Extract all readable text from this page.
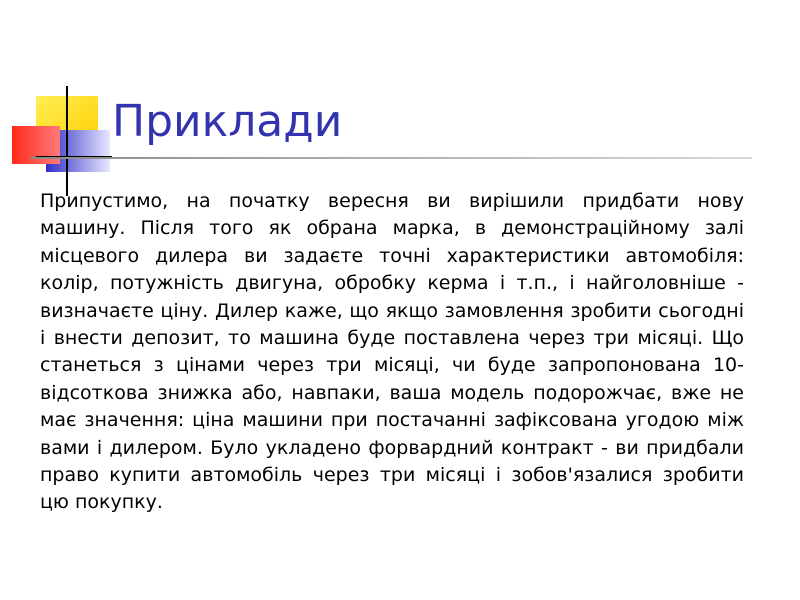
Приклади

Припустимо, на початку вересня ви вирішили придбати нову машину. Після того як обрана марка, в демонстраційному залі місцевого дилера ви задаєте точні характеристики автомобіля: колір, потужність двигуна, обробку керма і т.п., і найголовніше - визначаєте ціну. Дилер каже, що якщо замовлення зробити сьогодні і внести депозит, то машина буде поставлена через три місяці. Що станеться з цінами через три місяці, чи буде запропонована 10-відсоткова знижка або, навпаки, ваша модель подорожчає, вже не має значення: ціна машини при постачанні зафіксована угодою між вами і дилером. Було укладено форвардний контракт - ви придбали право купити автомобіль через три місяці і зобов'язалися зробити цю покупку.
